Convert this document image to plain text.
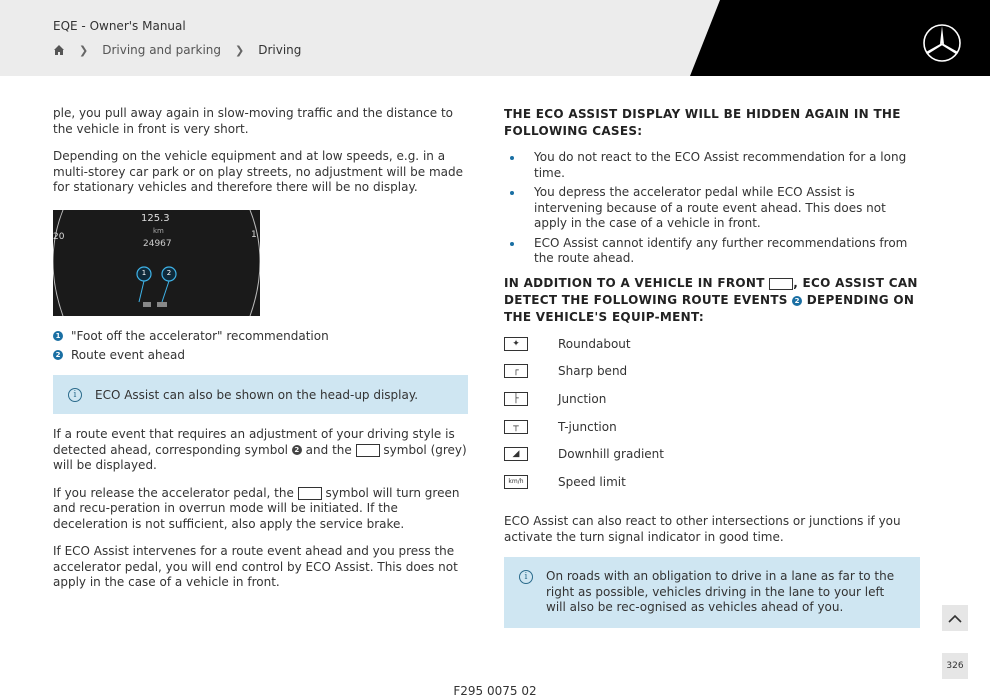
EQE - Owner's Manual
❯ Driving and parking ❯ Driving

ple, you pull away again in slow-moving traffic and the distance to the vehicle in front is very short.

Depending on the vehicle equipment and at low speeds, e.g. in a multi-storey car park or on play streets, no adjustment will be made for stationary vehicles and therefore there will be no display.

125.3
km
24967
20	1
1	2
1 "Foot off the accelerator" recommendation
2 Route event ahead
i	ECO Assist can also be shown on the head-up display.

If a route event that requires an adjustment of your driving style is detected ahead, corresponding symbol 2 and the	symbol (grey) will be displayed.

If you release the accelerator pedal, the	symbol will turn green and recu-peration in overrun mode will be initiated. If the deceleration is not sufficient, also apply the service brake.

If ECO Assist intervenes for a route event ahead and you press the accelerator pedal, you will end control by ECO Assist. This does not apply in the case of a vehicle in front.

THE ECO ASSIST DISPLAY WILL BE HIDDEN AGAIN IN THE FOLLOWING CASES:
You do not react to the ECO Assist recommendation for a long time.
You depress the accelerator pedal while ECO Assist is intervening because of a route event ahead. This does not apply in the case of a vehicle in front.
ECO Assist cannot identify any further recommendations from the route ahead.
IN ADDITION TO A VEHICLE IN FRONT , ECO ASSIST CAN DETECT THE FOLLOWING ROUTE EVENTS 2 DEPENDING ON THE VEHICLE'S EQUIP-MENT:
✦	Roundabout
┌	Sharp bend
├	Junction
┬	T-junction
◢	Downhill gradient
km/h	Speed limit

ECO Assist can also react to other intersections or junctions if you activate the turn signal indicator in good time.

i	On roads with an obligation to drive in a lane as far to the right as possible, vehicles driving in the lane to your left will also be rec-ognised as vehicles ahead of you.
326
F295 0075 02
